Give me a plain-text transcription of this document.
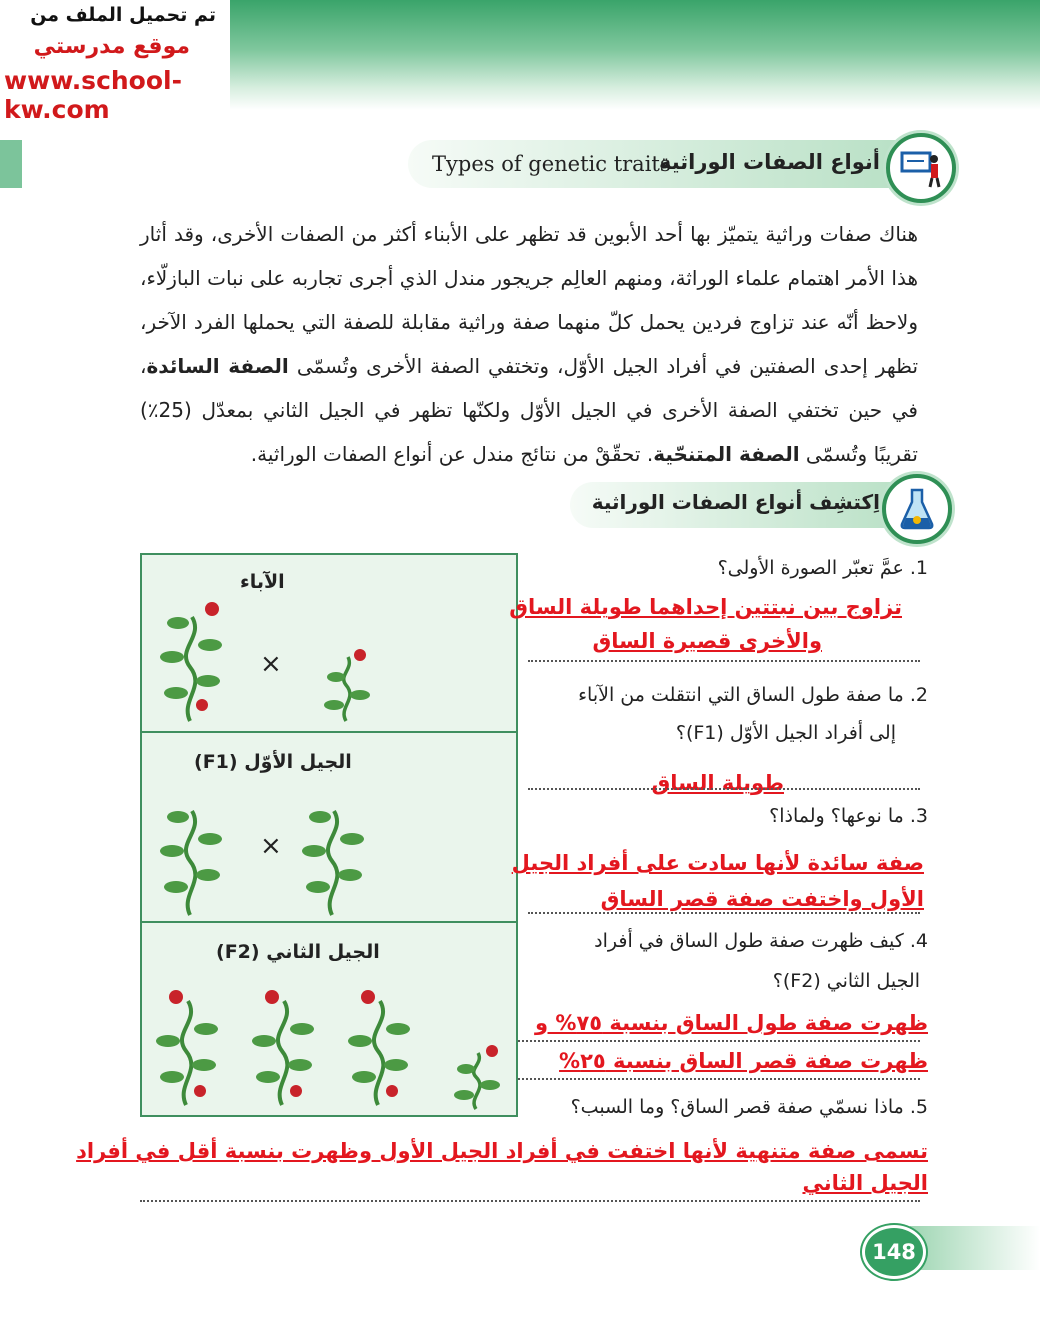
تم تحميل الملف من
موقع مدرستي
www.school-kw.com
Types of genetic traits
أنواع الصفات الوراثية
هناك صفات وراثية يتميّز بها أحد الأبوين قد تظهر على الأبناء أكثر من الصفات الأخرى، وقد أثار هذا الأمر اهتمام علماء الوراثة، ومنهم العالِم جريجور مندل الذي أجرى تجاربه على نبات البازلّاء، ولاحظ أنّه عند تزاوج فردين يحمل كلّ منهما صفة وراثية مقابلة للصفة التي يحملها الفرد الآخر، تظهر إحدى الصفتين في أفراد الجيل الأوّل، وتختفي الصفة الأخرى وتُسمّى الصفة السائدة، في حين تختفي الصفة الأخرى في الجيل الأوّل ولكنّها تظهر في الجيل الثاني بمعدّل (25٪) تقريبًا وتُسمّى الصفة المتنحّية. تحقّقْ من نتائج مندل عن أنواع الصفات الوراثية.
اِكتشِف أنواع الصفات الوراثية
الآباء
×
الجيل الأوّل (F1)
×
الجيل الثاني (F2)
1. عمَّ تعبّر الصورة الأولى؟
تزاوج بين نبتتين إحداهما طويلة الساق
والأخرى قصيرة الساق
2. ما صفة طول الساق التي انتقلت من الآباء
إلى أفراد الجيل الأوّل (F1)؟
طويلة الساق
3. ما نوعها؟ ولماذا؟
صفة سائدة لأنها سادت على أفراد الجيل
الأول واختفت صفة قصر الساق
4. كيف ظهرت صفة طول الساق في أفراد
الجيل الثاني (F2)؟
ظهرت صفة طول الساق بنسبة ٧٥% و
ظهرت صفة قصر الساق بنسبة ٢٥%
5. ماذا نسمّي صفة قصر الساق؟ وما السبب؟
تسمى صفة متنهية لأنها اختفت في أفراد الجيل الأول وظهرت بنسبة أقل في أفراد
الجيل الثاني
148
